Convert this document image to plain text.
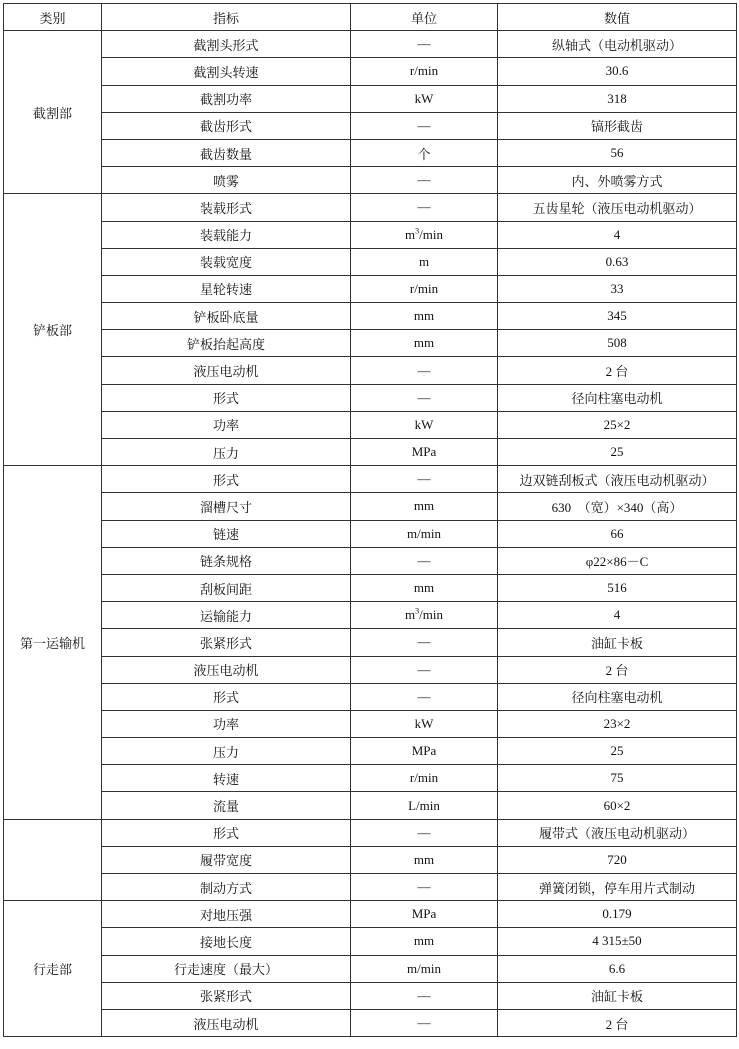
类别	指标	单位	数值
截割部	截割头形式	—	纵轴式（电动机驱动）
	截割头转速	r/min	30.6
	截割功率	kW	318
	截齿形式	—	镐形截齿
	截齿数量	个	56
	喷雾	—	内、外喷雾方式
铲板部	装载形式	—	五齿星轮（液压电动机驱动）
	装载能力	$m^3/\min$	4
	装载宽度	m	0.63
	星轮转速	r/min	33
	铲板卧底量	mm	345
	铲板抬起高度	mm	508
	液压电动机	—	2 台
	形式	—	径向柱塞电动机
	功率	kW	25×2
	压力	MPa	25
第一运输机	形式	—	边双链刮板式（液压电动机驱动）
	溜槽尺寸	mm	630　（宽）×340（高）
	链速	m/min	66
	链条规格	—	φ22×86－C
	刮板间距	mm	516
	运输能力	$m^3/\min$	4
	张紧形式	—	油缸卡板
	液压电动机	—	2 台
	形式	—	径向柱塞电动机
	功率	kW	23×2
	压力	MPa	25
	转速	r/min	75
	流量	L/min	60×2
	形式	—	履带式（液压电动机驱动）
	履带宽度	mm	720
	制动方式	—	弹簧闭锁，停车用片式制动
行走部	对地压强	MPa	0.179
	接地长度	mm	4 315±50
	行走速度（最大）	m/min	6.6
	张紧形式	—	油缸卡板
	液压电动机	—	2 台
